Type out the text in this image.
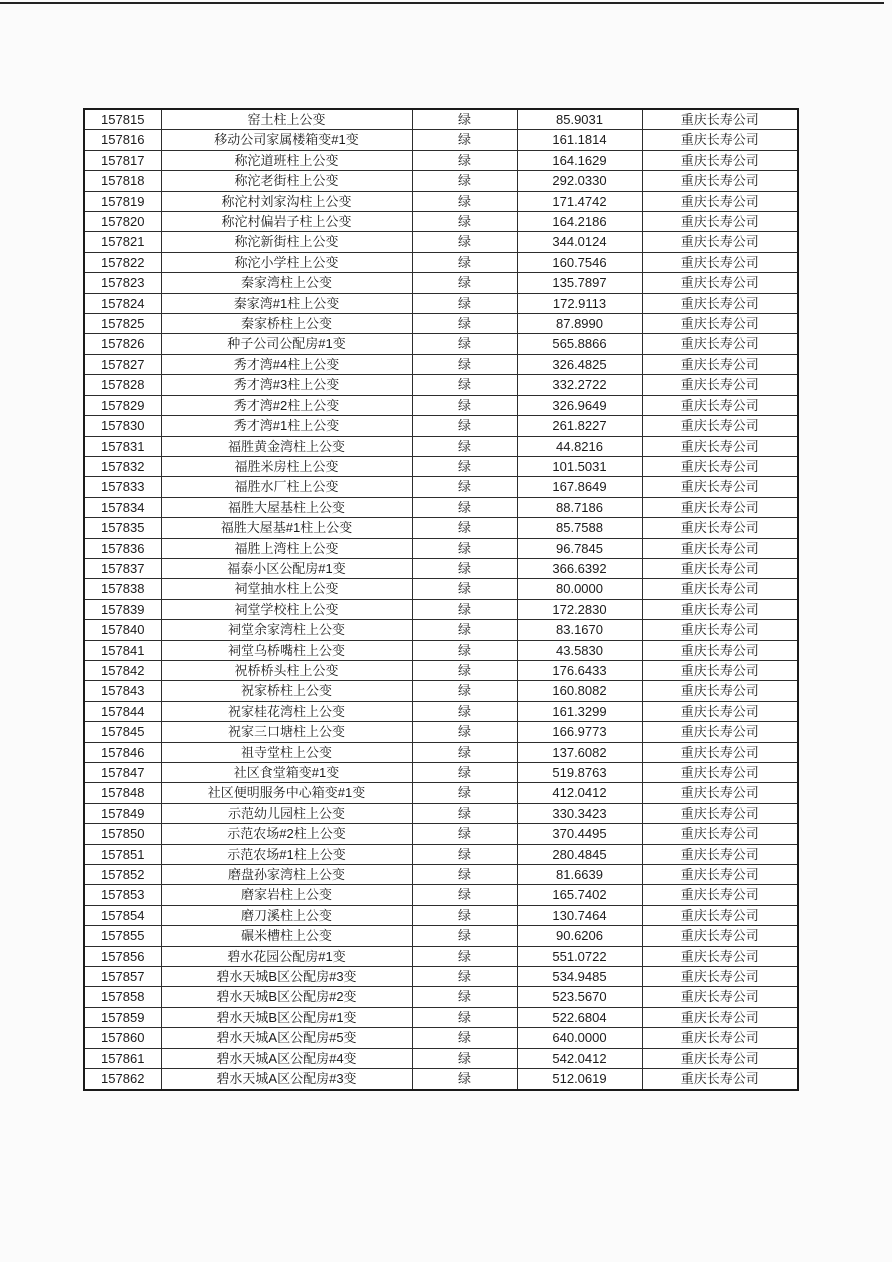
157815	窑土柱上公变	绿	85.9031	重庆长寿公司
157816	移动公司家属楼箱变#1变	绿	161.1814	重庆长寿公司
157817	称沱道班柱上公变	绿	164.1629	重庆长寿公司
157818	称沱老街柱上公变	绿	292.0330	重庆长寿公司
157819	称沱村刘家沟柱上公变	绿	171.4742	重庆长寿公司
157820	称沱村偏岩子柱上公变	绿	164.2186	重庆长寿公司
157821	称沱新街柱上公变	绿	344.0124	重庆长寿公司
157822	称沱小学柱上公变	绿	160.7546	重庆长寿公司
157823	秦家湾柱上公变	绿	135.7897	重庆长寿公司
157824	秦家湾#1柱上公变	绿	172.9113	重庆长寿公司
157825	秦家桥柱上公变	绿	87.8990	重庆长寿公司
157826	种子公司公配房#1变	绿	565.8866	重庆长寿公司
157827	秀才湾#4柱上公变	绿	326.4825	重庆长寿公司
157828	秀才湾#3柱上公变	绿	332.2722	重庆长寿公司
157829	秀才湾#2柱上公变	绿	326.9649	重庆长寿公司
157830	秀才湾#1柱上公变	绿	261.8227	重庆长寿公司
157831	福胜黄金湾柱上公变	绿	44.8216	重庆长寿公司
157832	福胜米房柱上公变	绿	101.5031	重庆长寿公司
157833	福胜水厂柱上公变	绿	167.8649	重庆长寿公司
157834	福胜大屋基柱上公变	绿	88.7186	重庆长寿公司
157835	福胜大屋基#1柱上公变	绿	85.7588	重庆长寿公司
157836	福胜上湾柱上公变	绿	96.7845	重庆长寿公司
157837	福泰小区公配房#1变	绿	366.6392	重庆长寿公司
157838	祠堂抽水柱上公变	绿	80.0000	重庆长寿公司
157839	祠堂学校柱上公变	绿	172.2830	重庆长寿公司
157840	祠堂余家湾柱上公变	绿	83.1670	重庆长寿公司
157841	祠堂乌桥嘴柱上公变	绿	43.5830	重庆长寿公司
157842	祝桥桥头柱上公变	绿	176.6433	重庆长寿公司
157843	祝家桥柱上公变	绿	160.8082	重庆长寿公司
157844	祝家桂花湾柱上公变	绿	161.3299	重庆长寿公司
157845	祝家三口塘柱上公变	绿	166.9773	重庆长寿公司
157846	祖寺堂柱上公变	绿	137.6082	重庆长寿公司
157847	社区食堂箱变#1变	绿	519.8763	重庆长寿公司
157848	社区便明服务中心箱变#1变	绿	412.0412	重庆长寿公司
157849	示范幼儿园柱上公变	绿	330.3423	重庆长寿公司
157850	示范农场#2柱上公变	绿	370.4495	重庆长寿公司
157851	示范农场#1柱上公变	绿	280.4845	重庆长寿公司
157852	磨盘孙家湾柱上公变	绿	81.6639	重庆长寿公司
157853	磨家岩柱上公变	绿	165.7402	重庆长寿公司
157854	磨刀溪柱上公变	绿	130.7464	重庆长寿公司
157855	碾米槽柱上公变	绿	90.6206	重庆长寿公司
157856	碧水花园公配房#1变	绿	551.0722	重庆长寿公司
157857	碧水天城B区公配房#3变	绿	534.9485	重庆长寿公司
157858	碧水天城B区公配房#2变	绿	523.5670	重庆长寿公司
157859	碧水天城B区公配房#1变	绿	522.6804	重庆长寿公司
157860	碧水天城A区公配房#5变	绿	640.0000	重庆长寿公司
157861	碧水天城A区公配房#4变	绿	542.0412	重庆长寿公司
157862	碧水天城A区公配房#3变	绿	512.0619	重庆长寿公司
